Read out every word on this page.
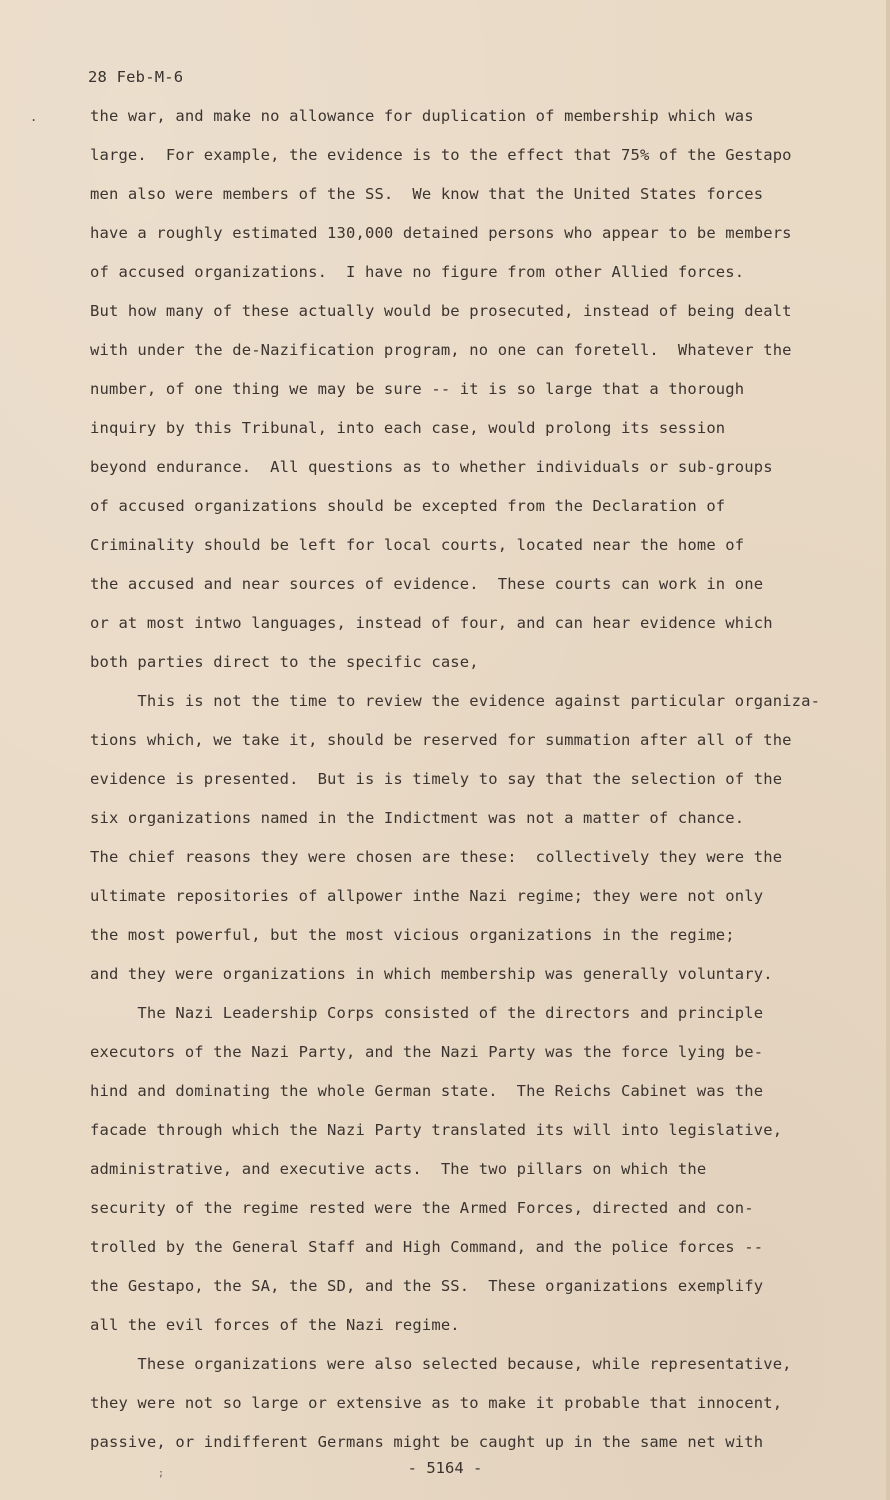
28 Feb-M-6
.	the war, and make no allowance for duplication of membership which was
large.  For example, the evidence is to the effect that 75% of the Gestapo
men also were members of the SS.  We know that the United States forces
have a roughly estimated 130,000 detained persons who appear to be members
of accused organizations.  I have no figure from other Allied forces.
But how many of these actually would be prosecuted, instead of being dealt
with under the de-Nazification program, no one can foretell.  Whatever the
number, of one thing we may be sure -- it is so large that a thorough
inquiry by this Tribunal, into each case, would prolong its session
beyond endurance.  All questions as to whether individuals or sub-groups
of accused organizations should be excepted from the Declaration of
Criminality should be left for local courts, located near the home of
the accused and near sources of evidence.  These courts can work in one
or at most intwo languages, instead of four, and can hear evidence which
both parties direct to the specific case,
This is not the time to review the evidence against particular organiza-
tions which, we take it, should be reserved for summation after all of the
evidence is presented.  But is is timely to say that the selection of the
six organizations named in the Indictment was not a matter of chance.
The chief reasons they were chosen are these:  collectively they were the
ultimate repositories of allpower inthe Nazi regime; they were not only
the most powerful, but the most vicious organizations in the regime;
and they were organizations in which membership was generally voluntary.
The Nazi Leadership Corps consisted of the directors and principle
executors of the Nazi Party, and the Nazi Party was the force lying be-
hind and dominating the whole German state.  The Reichs Cabinet was the
facade through which the Nazi Party translated its will into legislative,
administrative, and executive acts.  The two pillars on which the
security of the regime rested were the Armed Forces, directed and con-
trolled by the General Staff and High Command, and the police forces --
the Gestapo, the SA, the SD, and the SS.  These organizations exemplify
all the evil forces of the Nazi regime.
These organizations were also selected because, while representative,
they were not so large or extensive as to make it probable that innocent,
passive, or indifferent Germans might be caught up in the same net with
- 5164 -
;
